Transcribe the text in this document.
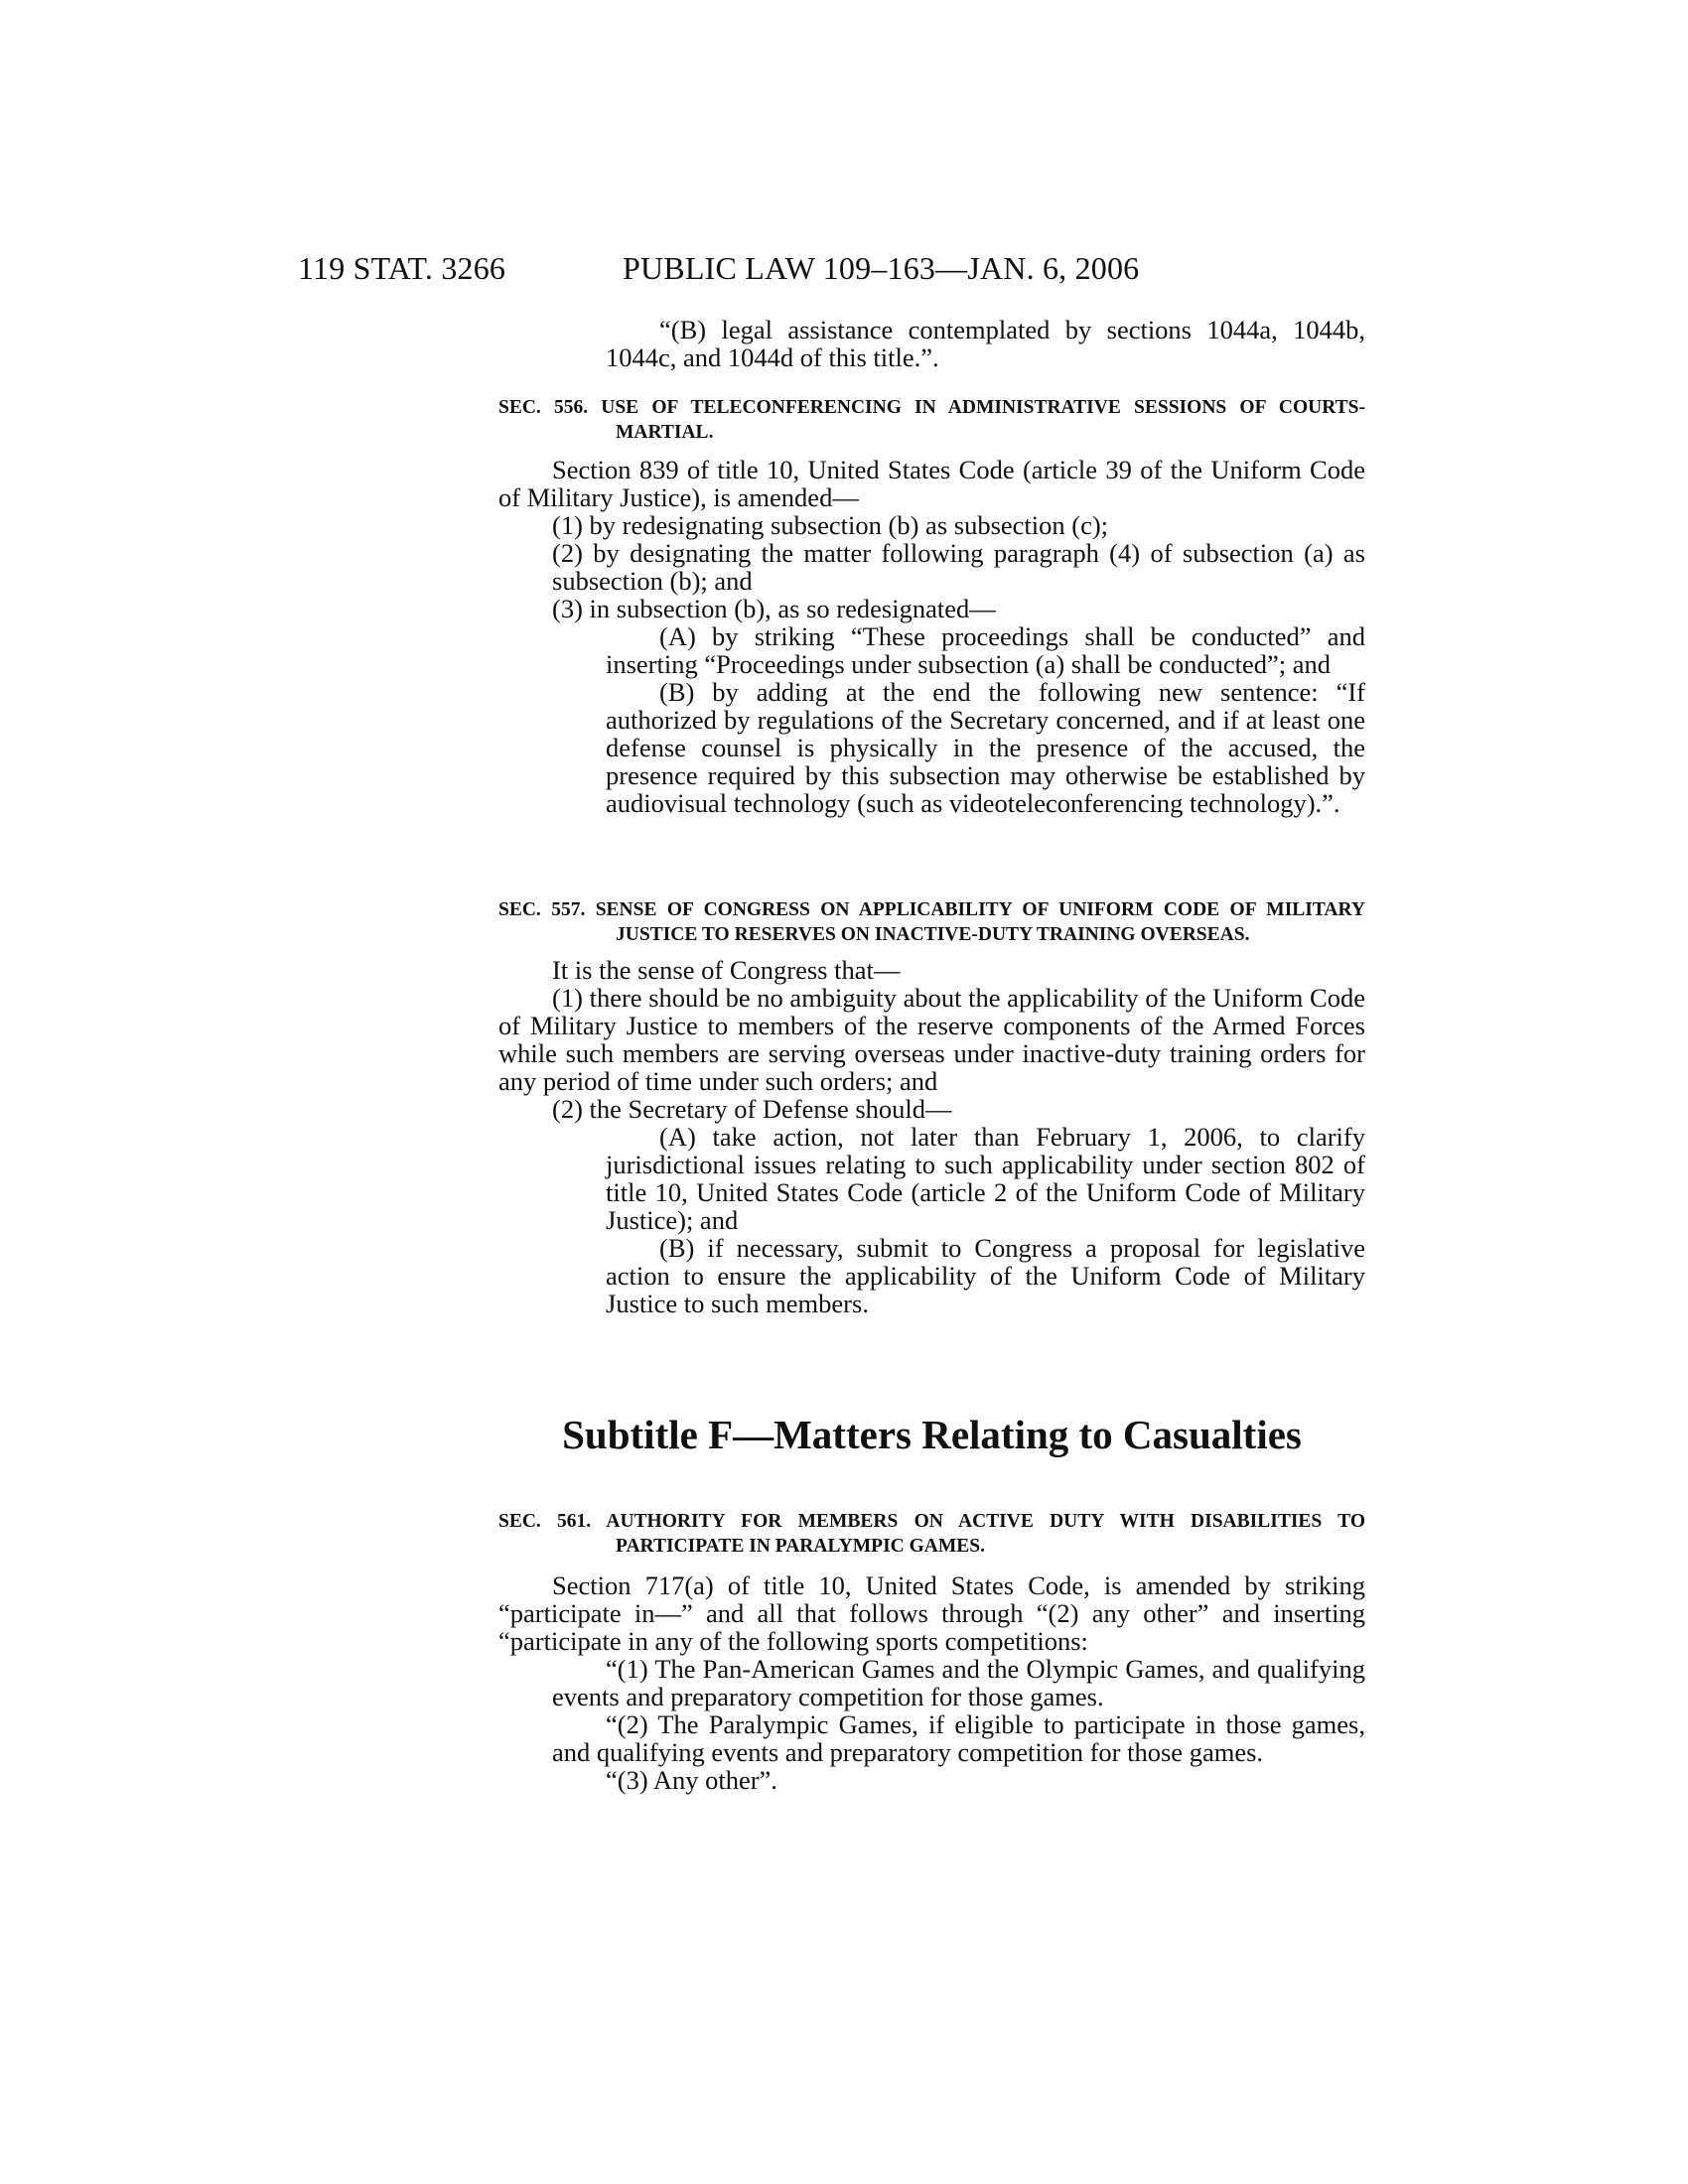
119 STAT. 3266	PUBLIC LAW 109–163—JAN. 6, 2006

“(B) legal assistance contemplated by sections 1044a, 1044b, 1044c, and 1044d of this title.”.

SEC. 556. USE OF TELECONFERENCING IN ADMINISTRATIVE SESSIONS OF COURTS-MARTIAL.

Section 839 of title 10, United States Code (article 39 of the Uniform Code of Military Justice), is amended—

(1) by redesignating subsection (b) as subsection (c);

(2) by designating the matter following paragraph (4) of subsection (a) as subsection (b); and

(3) in subsection (b), as so redesignated—

(A) by striking “These proceedings shall be conducted” and inserting “Proceedings under subsection (a) shall be conducted”; and

(B) by adding at the end the following new sentence: “If authorized by regulations of the Secretary concerned, and if at least one defense counsel is physically in the presence of the accused, the presence required by this subsection may otherwise be established by audiovisual technology (such as videoteleconferencing technology).”.

SEC. 557. SENSE OF CONGRESS ON APPLICABILITY OF UNIFORM CODE OF MILITARY JUSTICE TO RESERVES ON INACTIVE-DUTY TRAINING OVERSEAS.

It is the sense of Congress that—

(1) there should be no ambiguity about the applicability of the Uniform Code of Military Justice to members of the reserve components of the Armed Forces while such members are serving overseas under inactive-duty training orders for any period of time under such orders; and

(2) the Secretary of Defense should—

(A) take action, not later than February 1, 2006, to clarify jurisdictional issues relating to such applicability under section 802 of title 10, United States Code (article 2 of the Uniform Code of Military Justice); and

(B) if necessary, submit to Congress a proposal for legislative action to ensure the applicability of the Uniform Code of Military Justice to such members.

Subtitle F—Matters Relating to Casualties

SEC. 561. AUTHORITY FOR MEMBERS ON ACTIVE DUTY WITH DISABILITIES TO PARTICIPATE IN PARALYMPIC GAMES.

Section 717(a) of title 10, United States Code, is amended by striking “participate in—” and all that follows through “(2) any other” and inserting “participate in any of the following sports competitions:

“(1) The Pan-American Games and the Olympic Games, and qualifying events and preparatory competition for those games.

“(2) The Paralympic Games, if eligible to participate in those games, and qualifying events and preparatory competition for those games.

“(3) Any other”.
